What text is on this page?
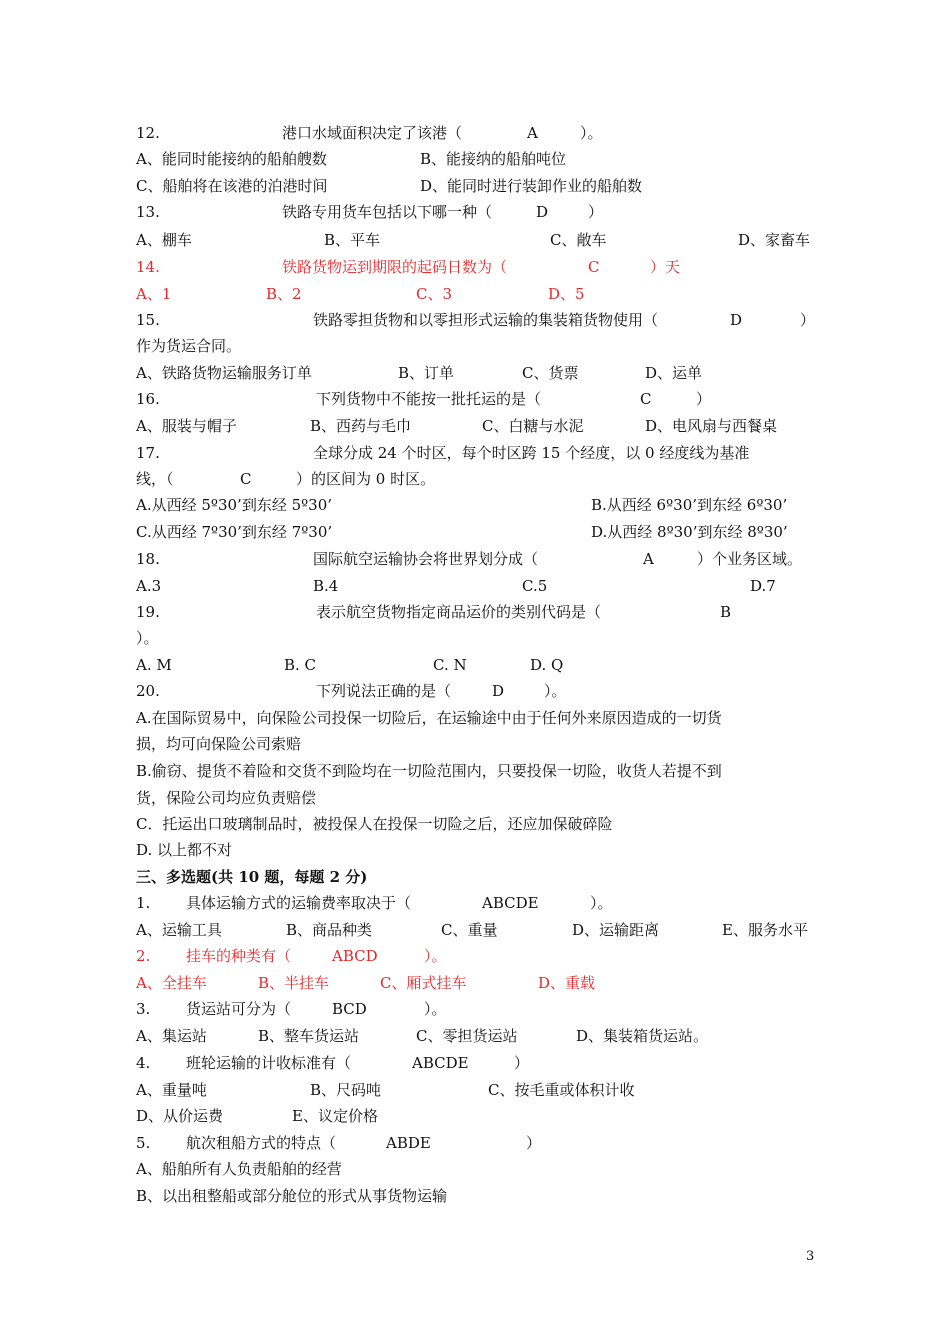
12.	港口水域面积决定了该港（	A	）。
A、能同时能接纳的船舶艘数	B、能接纳的船舶吨位
C、船舶将在该港的泊港时间	D、能同时进行装卸作业的船舶数
13.	铁路专用货车包括以下哪一种（	D	）
A、棚车	B、平车	C、敞车	D、家畜车
14.	铁路货物运到期限的起码日数为（	C	）天
A、1	B、2	C、3	D、5
15.	铁路零担货物和以零担形式运输的集装箱货物使用（	D	）
作为货运合同。
A、铁路货物运输服务订单	B、订单	C、货票	D、运单
16.	下列货物中不能按一批托运的是（	C	）
A、服装与帽子	B、西药与毛巾	C、白糖与水泥	D、电风扇与西餐桌
17.	全球分成 24 个时区，每个时区跨 15 个经度，以 0 经度线为基准
线，（	C	）的区间为 0 时区。
A.从西经 5º30’到东经 5º30’	B.从西经 6º30’到东经 6º30’
C.从西经 7º30’到东经 7º30’	D.从西经 8º30’到东经 8º30’
18.	国际航空运输协会将世界划分成（	A	）个业务区域。
A.3	B.4	C.5	D.7
19.	表示航空货物指定商品运价的类别代码是（	B
）。
A. M	B. C	C. N	D. Q
20.	下列说法正确的是（	D	）。
A.在国际贸易中，向保险公司投保一切险后，在运输途中由于任何外来原因造成的一切货
损，均可向保险公司索赔
B.偷窃、提货不着险和交货不到险均在一切险范围内，只要投保一切险，收货人若提不到
货，保险公司均应负责赔偿
C．托运出口玻璃制品时，被投保人在投保一切险之后，还应加保破碎险
D. 以上都不对
三、多选题(共 10 题，每题 2 分)
1. 具体运输方式的运输费率取决于（	ABCDE	）。
A、运输工具	B、商品种类	C、重量	D、运输距离	E、服务水平
2. 挂车的种类有（	ABCD	）。
A、全挂车	B、半挂车	C、厢式挂车	D、重载
3. 货运站可分为（	BCD	）。
A、集运站	B、整车货运站	C、零担货运站	D、集装箱货运站。
4. 班轮运输的计收标准有（	ABCDE	）
A、重量吨	B、尺码吨	C、按毛重或体积计收
D、从价运费	E、议定价格
5. 航次租船方式的特点（	ABDE	）
A、船舶所有人负责船舶的经营
B、以出租整船或部分舱位的形式从事货物运输
3
